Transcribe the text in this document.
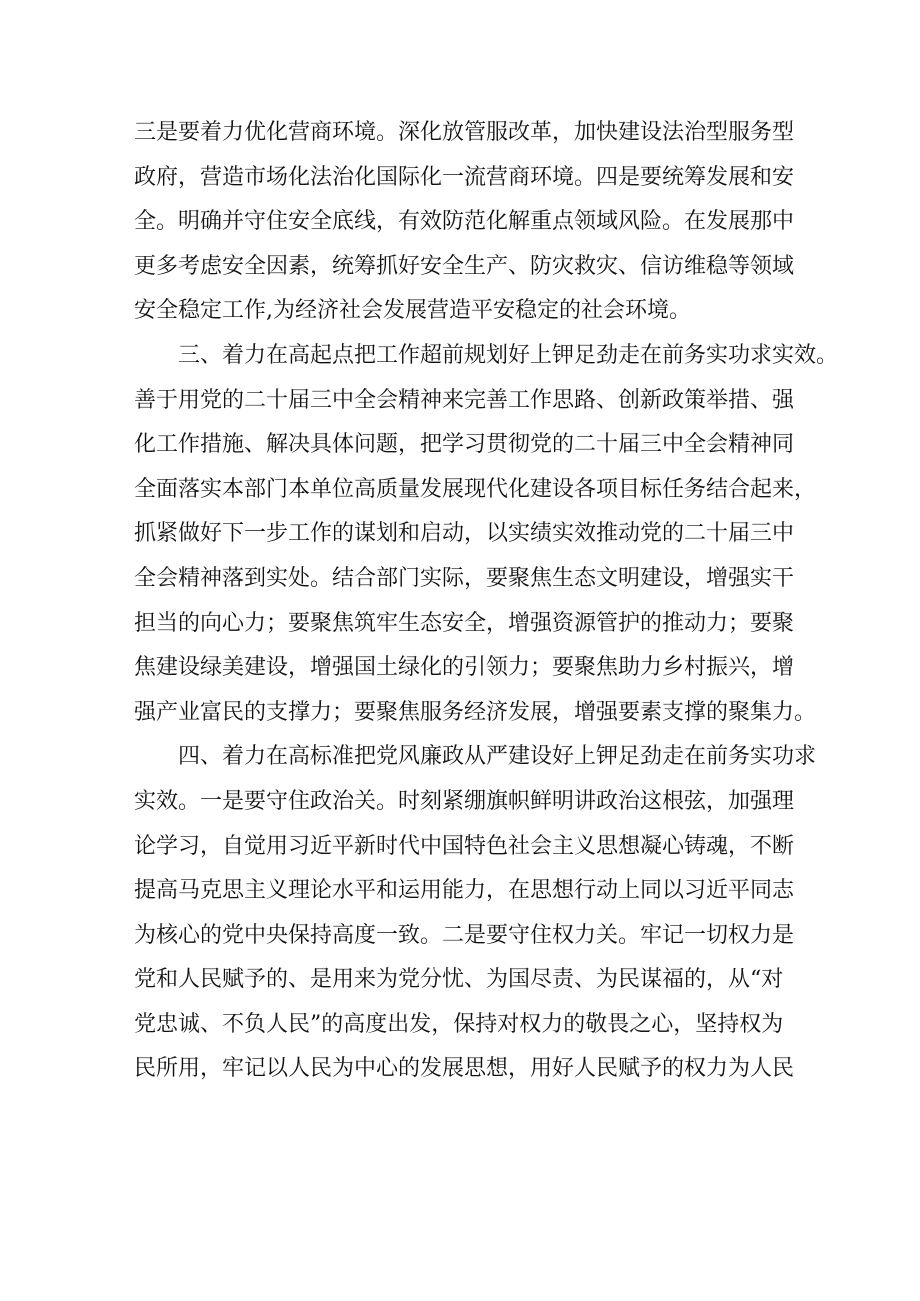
三是要着力优化营商环境。深化放管服改革，加快建设法治型服务型
政府，营造市场化法治化国际化一流营商环境。四是要统筹发展和安
全。明确并守住安全底线，有效防范化解重点领域风险。在发展那中
更多考虑安全因素，统筹抓好安全生产、防灾救灾、信访维稳等领域
安全稳定工作,为经济社会发展营造平安稳定的社会环境。
　　三、着力在高起点把工作超前规划好上钾足劲走在前务实功求实效。
善于用党的二十届三中全会精神来完善工作思路、创新政策举措、强
化工作措施、解决具体问题，把学习贯彻党的二十届三中全会精神同
全面落实本部门本单位高质量发展现代化建设各项目标任务结合起来，
抓紧做好下一步工作的谋划和启动，以实绩实效推动党的二十届三中
全会精神落到实处。结合部门实际，要聚焦生态文明建设，增强实干
担当的向心力；要聚焦筑牢生态安全，增强资源管护的推动力；要聚
焦建设绿美建设，增强国土绿化的引领力；要聚焦助力乡村振兴，增
强产业富民的支撑力；要聚焦服务经济发展，增强要素支撑的聚集力。
　　四、着力在高标准把党风廉政从严建设好上钾足劲走在前务实功求
实效。一是要守住政治关。时刻紧绷旗帜鲜明讲政治这根弦，加强理
论学习，自觉用习近平新时代中国特色社会主义思想凝心铸魂，不断
提高马克思主义理论水平和运用能力，在思想行动上同以习近平同志
为核心的党中央保持高度一致。二是要守住权力关。牢记一切权力是
党和人民赋予的、是用来为党分忧、为国尽责、为民谋福的，从“对
党忠诚、不负人民”的高度出发，保持对权力的敬畏之心，坚持权为
民所用，牢记以人民为中心的发展思想，用好人民赋予的权力为人民
